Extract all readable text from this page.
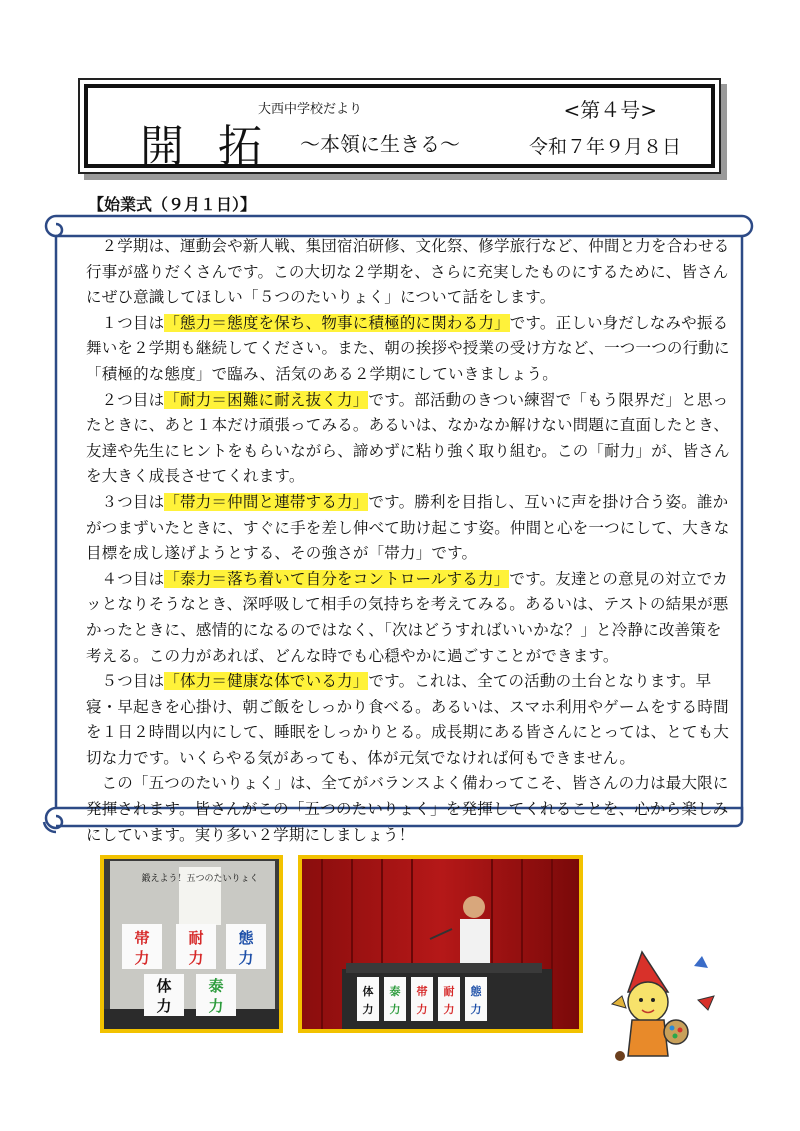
大西中学校だより
開拓 ～本領に生きる～
<第４号>
令和７年９月８日
【始業式（９月１日）】

２学期は、運動会や新人戦、集団宿泊研修、文化祭、修学旅行など、仲間と力を合わせる行事が盛りだくさんです。この大切な２学期を、さらに充実したものにするために、皆さんにぜひ意識してほしい「５つのたいりょく」について話をします。

１つ目は「態力＝態度を保ち、物事に積極的に関わる力」です。正しい身だしなみや振る舞いを２学期も継続してください。また、朝の挨拶や授業の受け方など、一つ一つの行動に「積極的な態度」で臨み、活気のある２学期にしていきましょう。

２つ目は「耐力＝困難に耐え抜く力」です。部活動のきつい練習で「もう限界だ」と思ったときに、あと１本だけ頑張ってみる。あるいは、なかなか解けない問題に直面したとき、友達や先生にヒントをもらいながら、諦めずに粘り強く取り組む。この「耐力」が、皆さんを大きく成長させてくれます。

３つ目は「帯力＝仲間と連帯する力」です。勝利を目指し、互いに声を掛け合う姿。誰かがつまずいたときに、すぐに手を差し伸べて助け起こす姿。仲間と心を一つにして、大きな目標を成し遂げようとする、その強さが「帯力」です。

４つ目は「泰力＝落ち着いて自分をコントロールする力」です。友達との意見の対立でカッとなりそうなとき、深呼吸して相手の気持ちを考えてみる。あるいは、テストの結果が悪かったときに、感情的になるのではなく、「次はどうすればいいかな？」と冷静に改善策を考える。この力があれば、どんな時でも心穏やかに過ごすことができます。

５つ目は「体力＝健康な体でいる力」です。これは、全ての活動の土台となります。早寝・早起きを心掛け、朝ご飯をしっかり食べる。あるいは、スマホ利用やゲームをする時間を１日２時間以内にして、睡眠をしっかりとる。成長期にある皆さんにとっては、とても大切な力です。いくらやる気があっても、体が元気でなければ何もできません。

この「五つのたいりょく」は、全てがバランスよく備わってこそ、皆さんの力は最大限に発揮されます。皆さんがこの「五つのたいりょく」を発揮してくれることを、心から楽しみにしています。実り多い２学期にしましょう！

鍛えよう！五つのたいりょく
帯
力
耐
力
態
力
体
力
泰
力
体
力
泰
力
帯
力
耐
力
態
力
